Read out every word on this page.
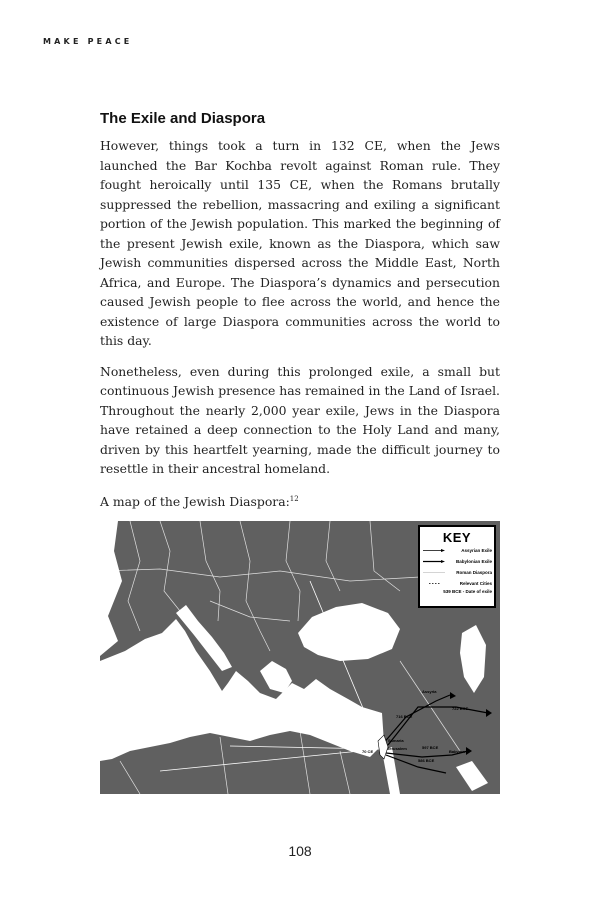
MAKE PEACE
The Exile and Diaspora

However, things took a turn in 132 CE, when the Jews launched the Bar Kochba revolt against Roman rule. They fought heroically until 135 CE, when the Romans brutally suppressed the rebellion, massacring and exiling a significant portion of the Jewish population. This marked the beginning of the present Jewish exile, known as the Diaspora, which saw Jewish communities dispersed across the Middle East, North Africa, and Europe. The Diaspora’s dynamics and persecution caused Jewish people to flee across the world, and hence the existence of large Diaspora communities across the world to this day.

Nonetheless, even during this prolonged exile, a small but continuous Jewish presence has remained in the Land of Israel. Throughout the nearly 2,000 year exile, Jews in the Diaspora have retained a deep connection to the Holy Land and many, driven by this heartfelt yearning, made the difficult journey to resettle in their ancestral homeland.

A map of the Jewish Diaspora:$^{12}$

Babylon
Jerusalem
Samaria
Assyria
716 BCE
722 BCE
597 BCE
586 BCE
70 CE
KEY
Assyrian Exile
Babylonian Exile
Roman Diaspora
Relevant Cities
539 BCE - Date of exile
108
